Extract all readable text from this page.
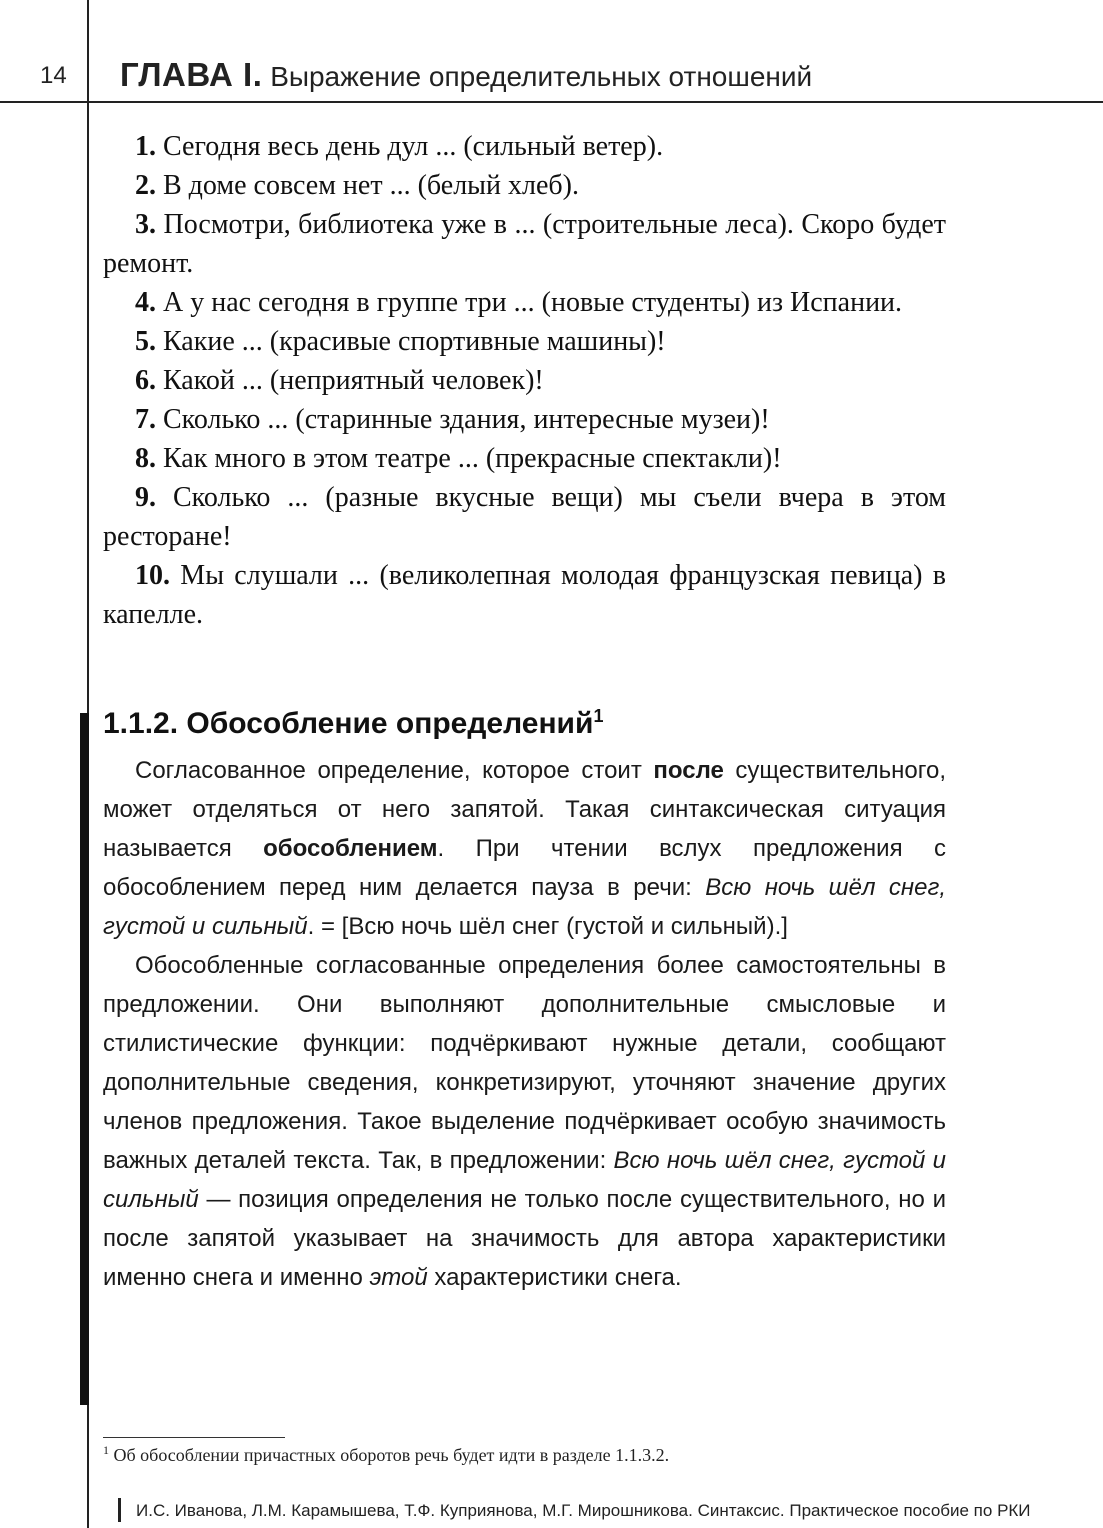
14 ГЛАВА I. Выражение определительных отношений

1. Сегодня весь день дул ... (сильный ветер).

2. В доме совсем нет ... (белый хлеб).

3. Посмотри, библиотека уже в ... (строительные леса). Скоро будет ремонт.

4. А у нас сегодня в группе три ... (новые студенты) из Испании.

5. Какие ... (красивые спортивные машины)!

6. Какой ... (неприятный человек)!

7. Сколько ... (старинные здания, интересные музеи)!

8. Как много в этом театре ... (прекрасные спектакли)!

9. Сколько ... (разные вкусные вещи) мы съели вчера в этом ресторане!

10. Мы слушали ... (великолепная молодая французская певица) в капелле.

1.1.2. Обособление определений$^1$

Согласованное определение, которое стоит после существительного, может отделяться от него запятой. Такая синтаксическая ситуация называется обособлением. При чтении вслух предложения с обособлением перед ним делается пауза в речи: Всю ночь шёл снег, густой и сильный. = [Всю ночь шёл снег (густой и сильный).]

Обособленные согласованные определения более самостоятельны в предложении. Они выполняют дополнительные смысловые и стилистические функции: подчёркивают нужные детали, сообщают дополнительные сведения, конкретизируют, уточняют значение других членов предложения. Такое выделение подчёркивает особую значимость важных деталей текста. Так, в предложении: Всю ночь шёл снег, густой и сильный — позиция определения не только после существительного, но и после запятой указывает на значимость для автора характеристики именно снега и именно этой характеристики снега.

$^1$ Об обособлении причастных оборотов речь будет идти в разделе 1.1.3.2.
И.С. Иванова, Л.М. Карамышева, Т.Ф. Куприянова, М.Г. Мирошникова. Синтаксис. Практическое пособие по РКИ
